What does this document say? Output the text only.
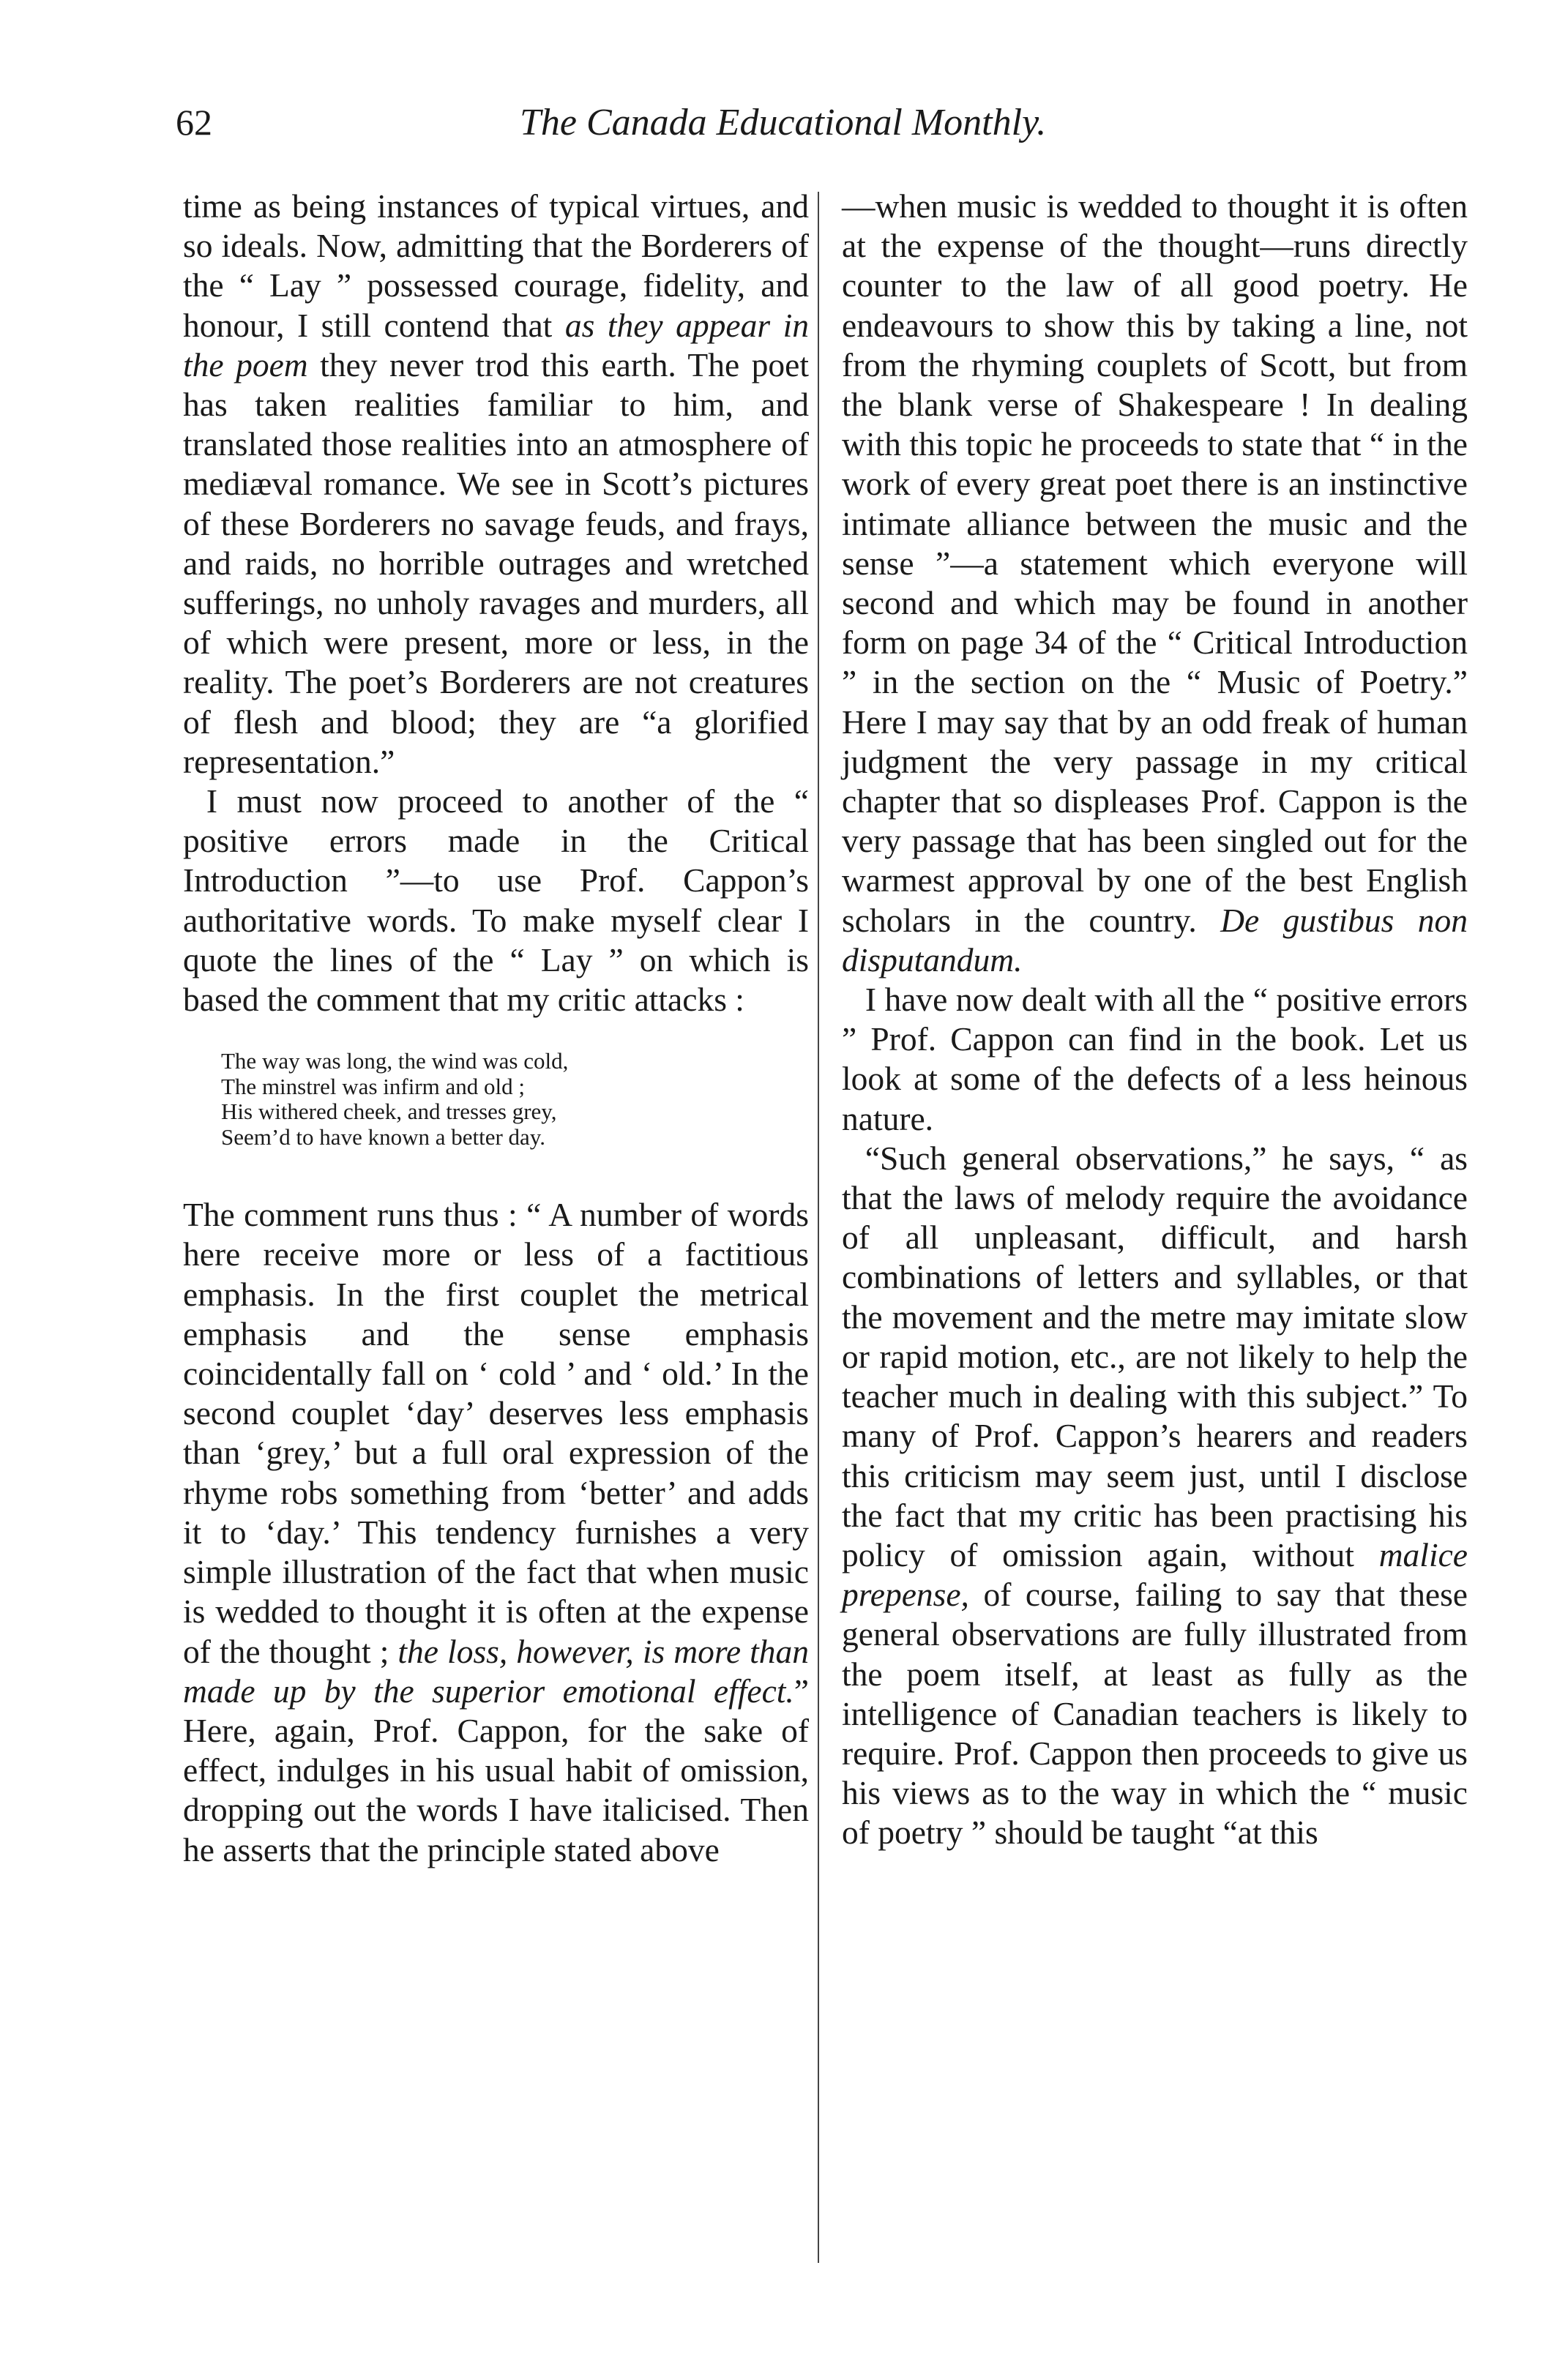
62	The Canada Educational Monthly.

time as being instances of typical virtues, and so ideals. Now, admitting that the Borderers of the “ Lay ” possessed courage, fidelity, and honour, I still contend that as they appear in the poem they never trod this earth. The poet has taken realities familiar to him, and translated those realities into an atmosphere of mediæval romance. We see in Scott’s pictures of these Borderers no savage feuds, and frays, and raids, no horrible outrages and wretched sufferings, no unholy ravages and murders, all of which were present, more or less, in the reality. The poet’s Borderers are not creatures of flesh and blood; they are “a glorified representation.”

I must now proceed to another of the “ positive errors made in the Critical Introduction ”—to use Prof. Cappon’s authoritative words. To make myself clear I quote the lines of the “ Lay ” on which is based the comment that my critic attacks :

The way was long, the wind was cold,
The minstrel was infirm and old ;
His withered cheek, and tresses grey,
Seem’d to have known a better day.

The comment runs thus : “ A number of words here receive more or less of a factitious emphasis. In the first couplet the metrical emphasis and the sense emphasis coincidentally fall on ‘ cold ’ and ‘ old.’ In the second couplet ‘day’ deserves less emphasis than ‘grey,’ but a full oral expression of the rhyme robs something from ‘better’ and adds it to ‘day.’ This tendency furnishes a very simple illustration of the fact that when music is wedded to thought it is often at the expense of the thought ; the loss, however, is more than made up by the superior emotional effect.” Here, again, Prof. Cappon, for the sake of effect, indulges in his usual habit of omission, dropping out the words I have italicised. Then he asserts that the principle stated above

—when music is wedded to thought it is often at the expense of the thought—runs directly counter to the law of all good poetry. He endeavours to show this by taking a line, not from the rhyming couplets of Scott, but from the blank verse of Shakespeare ! In dealing with this topic he proceeds to state that “ in the work of every great poet there is an instinctive intimate alliance between the music and the sense ”—a statement which everyone will second and which may be found in another form on page 34 of the “ Critical Introduction ” in the section on the “ Music of Poetry.” Here I may say that by an odd freak of human judgment the very passage in my critical chapter that so displeases Prof. Cappon is the very passage that has been singled out for the warmest approval by one of the best English scholars in the country. De gustibus non disputandum.

I have now dealt with all the “ positive errors ” Prof. Cappon can find in the book. Let us look at some of the defects of a less heinous nature.

“Such general observations,” he says, “ as that the laws of melody require the avoidance of all unpleasant, difficult, and harsh combinations of letters and syllables, or that the movement and the metre may imitate slow or rapid motion, etc., are not likely to help the teacher much in dealing with this subject.” To many of Prof. Cappon’s hearers and readers this criticism may seem just, until I disclose the fact that my critic has been practising his policy of omission again, without malice prepense, of course, failing to say that these general observations are fully illustrated from the poem itself, at least as fully as the intelligence of Canadian teachers is likely to require. Prof. Cappon then proceeds to give us his views as to the way in which the “ music of poetry ” should be taught “at this
